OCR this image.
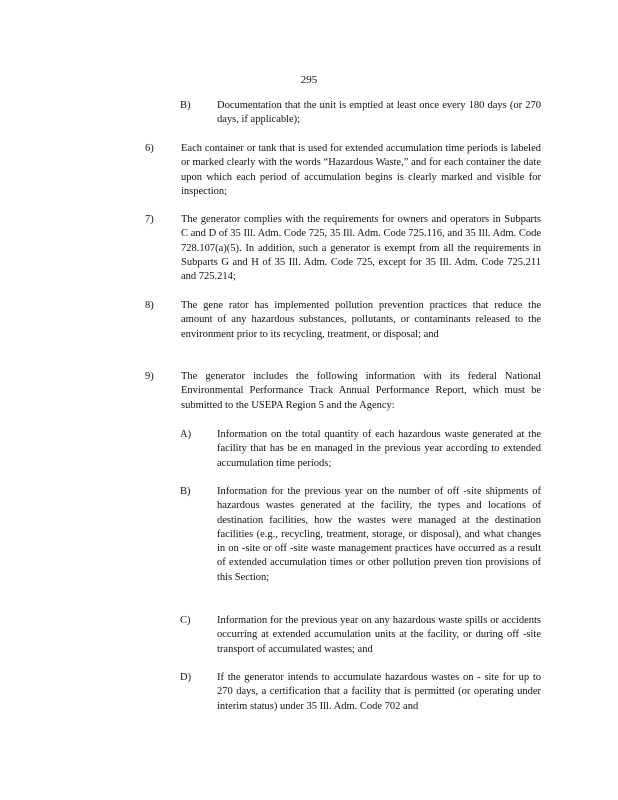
295
B)	Documentation that the unit is emptied at least once every 180 days (or 270 days, if applicable);
6)	Each container or tank that is used for extended accumulation time periods is labeled or marked clearly with the words “Hazardous Waste,” and for each container the date upon which each period of accumulation begins is clearly marked and visible for inspection;
7)	The generator complies with the requirements for owners and operators in Subparts C and D of 35 Ill. Adm. Code 725, 35 Ill. Adm. Code 725.116, and 35 Ill. Adm. Code 728.107(a)(5). In addition, such a generator is exempt from all the requirements in Subparts G and H of 35 Ill. Adm. Code 725, except for 35 Ill. Adm. Code 725.211 and 725.214;
8)	The gene rator has implemented pollution prevention practices that reduce the amount of any hazardous substances, pollutants, or contaminants released to the environment prior to its recycling, treatment, or disposal; and
9)	The generator includes the following information with its federal National Environmental Performance Track Annual Performance Report, which must be submitted to the USEPA Region 5 and the Agency:
A) Information on the total quantity of each hazardous waste generated at the facility that has be en managed in the previous year according to extended accumulation time periods;
B)	Information for the previous year on the number of off -site shipments of hazardous wastes generated at the facility, the types and locations of destination facilities, how the wastes were managed at the destination facilities (e.g., recycling, treatment, storage, or disposal), and what changes in on -site or off -site waste management practices have occurred as a result of extended accumulation times or other pollution preven tion provisions of this Section;
C)	Information for the previous year on any hazardous waste spills or accidents occurring at extended accumulation units at the facility, or during off -site transport of accumulated wastes; and
D) If the generator intends to accumulate hazardous wastes on - site for up to 270 days, a certification that a facility that is permitted (or operating under interim status) under 35 Ill. Adm. Code 702 and
